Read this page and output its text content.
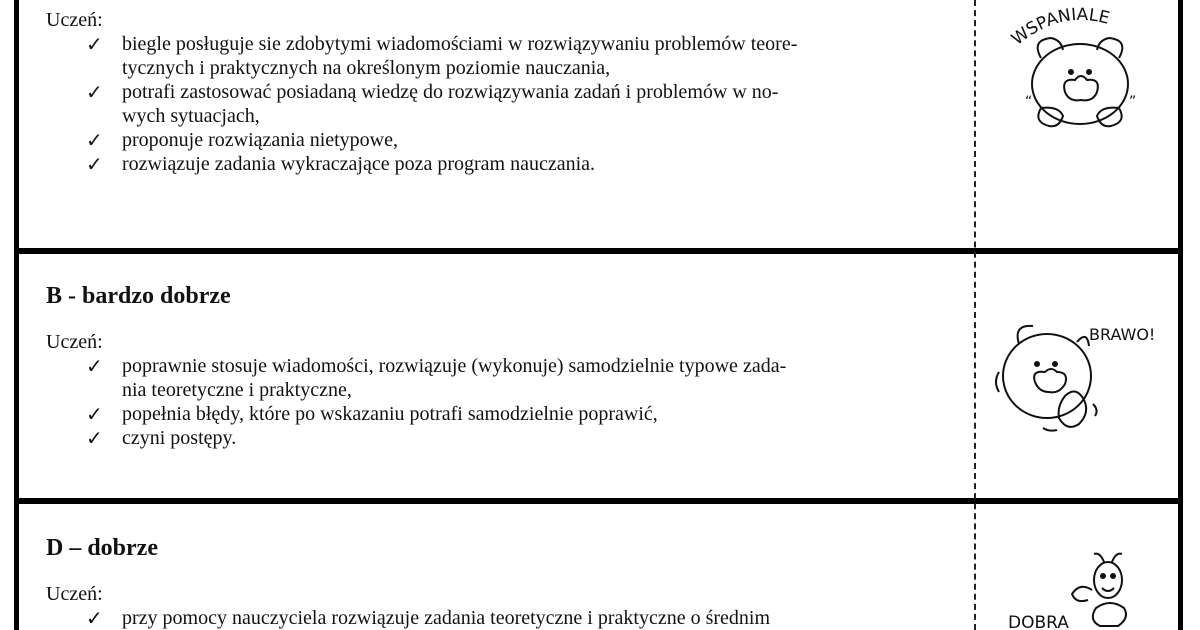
Uczeń:

✓ biegle posługuje sie zdobytymi wiadomościami w rozwiązywaniu problemów teore-
tycznych i praktycznych na określonym poziomie nauczania,
✓ potrafi zastosować posiadaną wiedzę do rozwiązywania zadań i problemów w no-
wych sytuacjach,
✓ proponuje rozwiązania nietypowe,
✓ rozwiązuje zadania wykraczające poza program nauczania.
B - bardzo dobrze

Uczeń:

✓ poprawnie stosuje wiadomości, rozwiązuje (wykonuje) samodzielnie typowe zada-
nia teoretyczne i praktyczne,
✓ popełnia błędy, które po wskazaniu potrafi samodzielnie poprawić,
✓ czyni postępy.
D – dobrze

Uczeń:

✓ przy pomocy nauczyciela rozwiązuje zadania teoretyczne i praktyczne o średnim
WSPANIALE
“	”
BRAWO!
DOBRA
